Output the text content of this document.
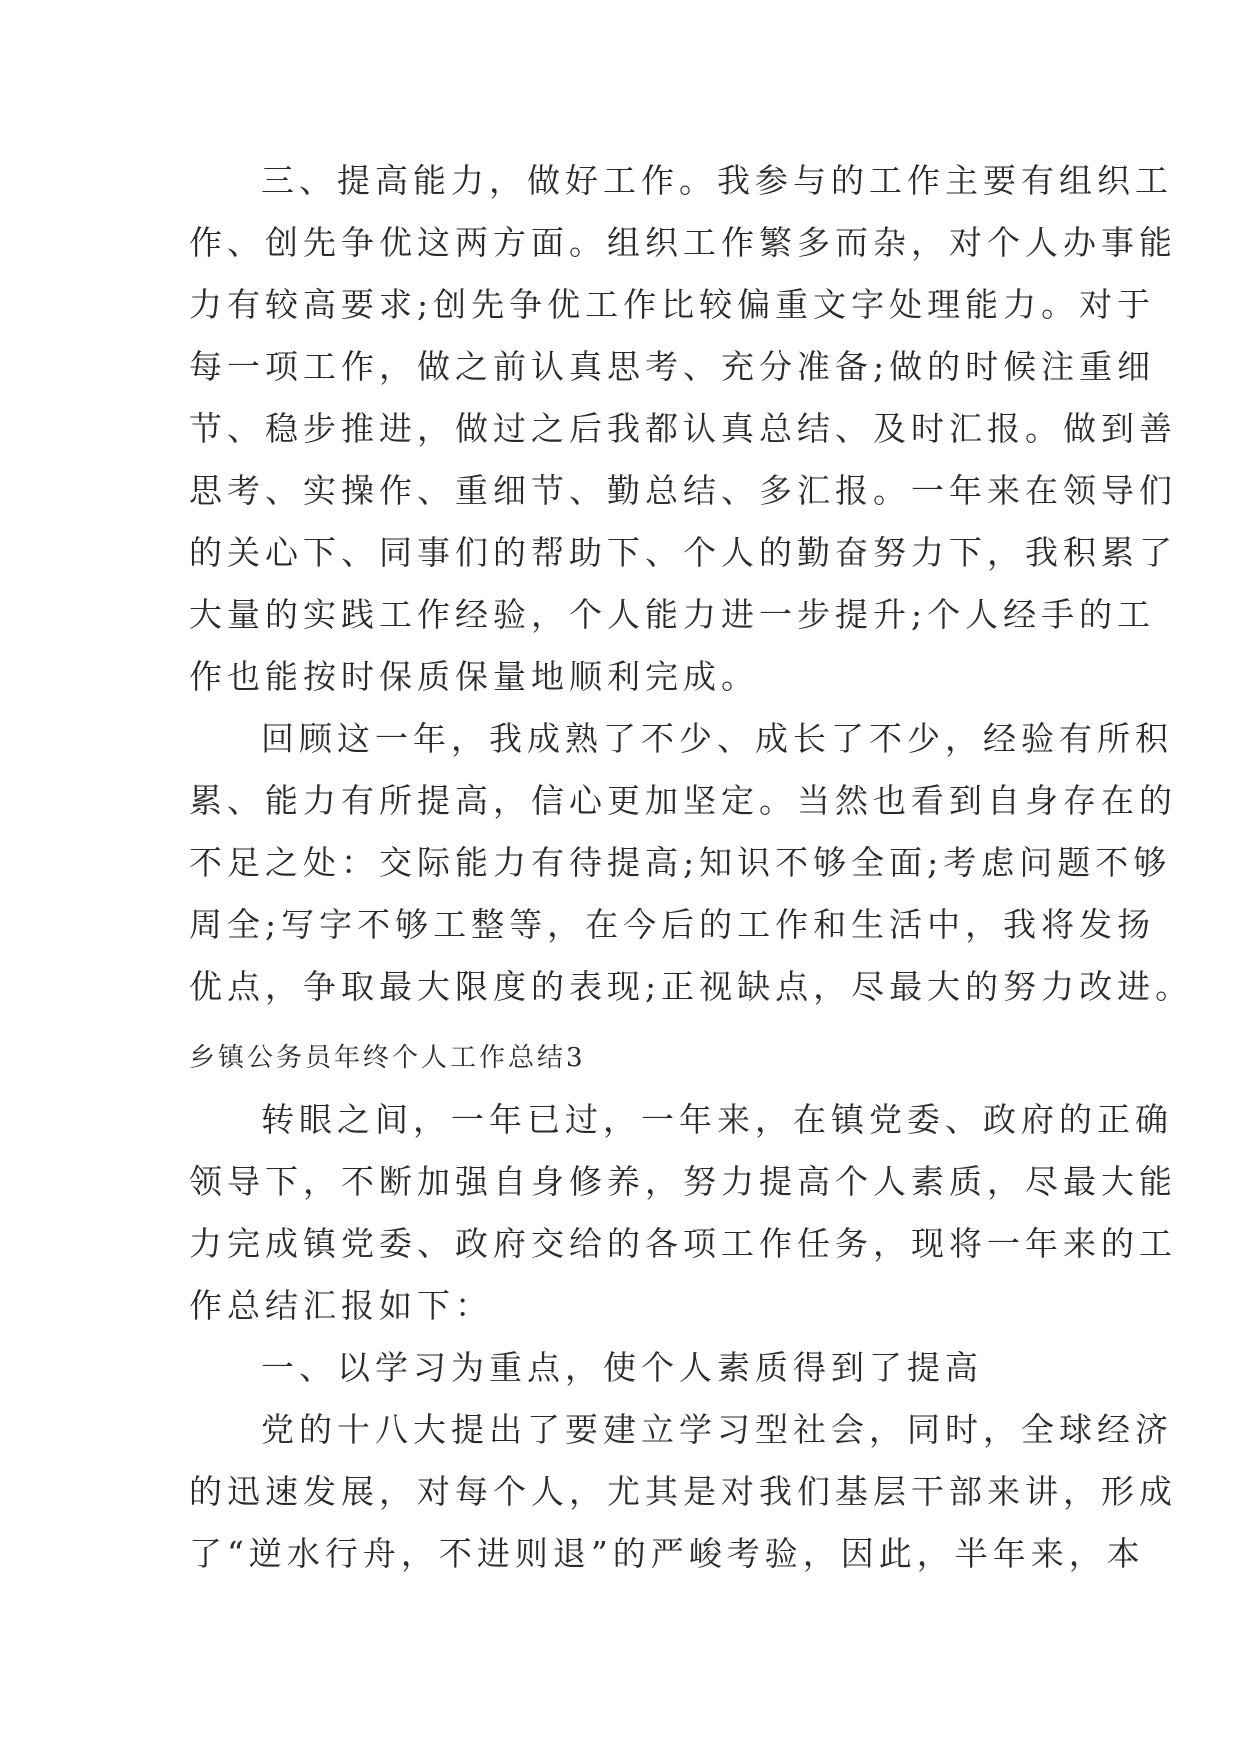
三、提高能力，做好工作。我参与的工作主要有组织工
作、创先争优这两方面。组织工作繁多而杂，对个人办事能
力有较高要求;创先争优工作比较偏重文字处理能力。对于
每一项工作，做之前认真思考、充分准备;做的时候注重细
节、稳步推进，做过之后我都认真总结、及时汇报。做到善
思考、实操作、重细节、勤总结、多汇报。一年来在领导们
的关心下、同事们的帮助下、个人的勤奋努力下，我积累了
大量的实践工作经验，个人能力进一步提升;个人经手的工
作也能按时保质保量地顺利完成。
回顾这一年，我成熟了不少、成长了不少，经验有所积
累、能力有所提高，信心更加坚定。当然也看到自身存在的
不足之处：交际能力有待提高;知识不够全面;考虑问题不够
周全;写字不够工整等，在今后的工作和生活中，我将发扬
优点，争取最大限度的表现;正视缺点，尽最大的努力改进。
乡镇公务员年终个人工作总结3
转眼之间，一年已过，一年来，在镇党委、政府的正确
领导下，不断加强自身修养，努力提高个人素质，尽最大能
力完成镇党委、政府交给的各项工作任务，现将一年来的工
作总结汇报如下：
一、以学习为重点，使个人素质得到了提高
党的十八大提出了要建立学习型社会，同时，全球经济
的迅速发展，对每个人，尤其是对我们基层干部来讲，形成
了“逆水行舟，不进则退”的严峻考验，因此，半年来，本
